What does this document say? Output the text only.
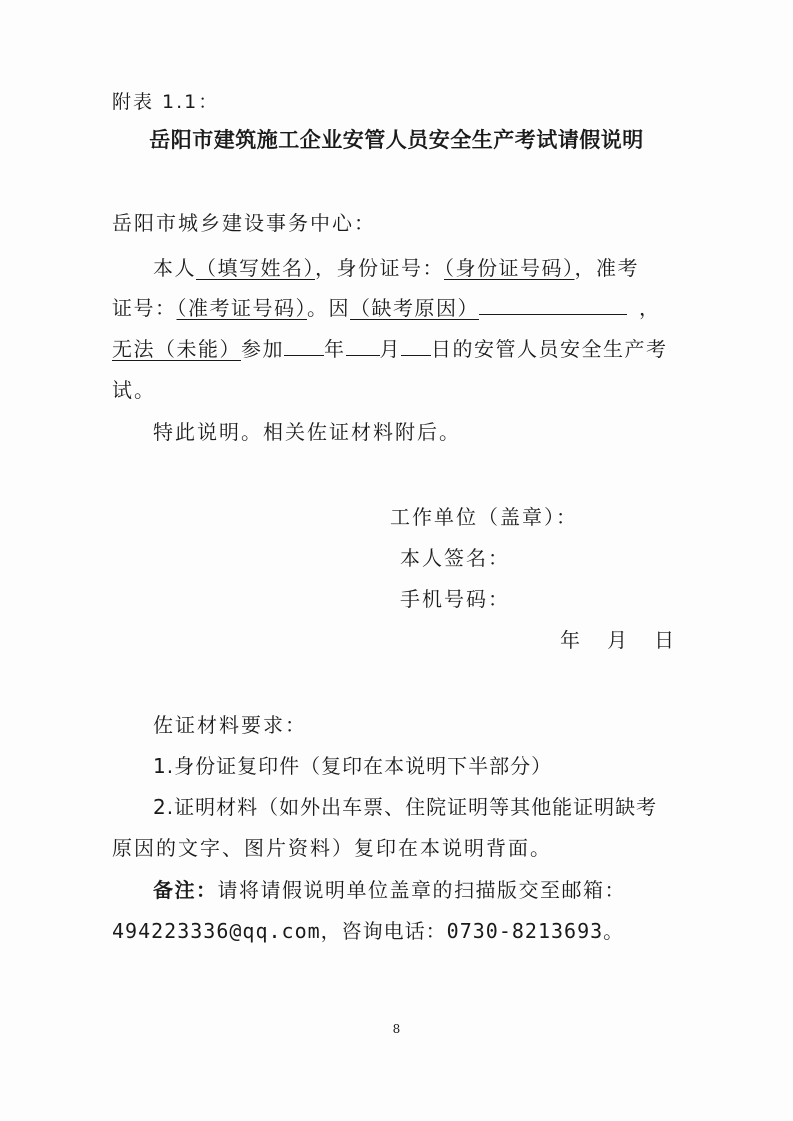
附表 1.1：
岳阳市建筑施工企业安管人员安全生产考试请假说明
岳阳市城乡建设事务中心：
本人（填写姓名），身份证号：（身份证号码），准考
证号：（准考证号码）。因（缺考原因）	，
无法（未能）参加 年 月 日的安管人员安全生产考
试。
特此说明。相关佐证材料附后。
工作单位（盖章）：
本人签名：
手机号码：
年   月   日
佐证材料要求：
1.身份证复印件（复印在本说明下半部分）
2.证明材料（如外出车票、住院证明等其他能证明缺考
原因的文字、图片资料）复印在本说明背面。
备注：请将请假说明单位盖章的扫描版交至邮箱：
494223336@qq.com，咨询电话：0730-8213693。
8
